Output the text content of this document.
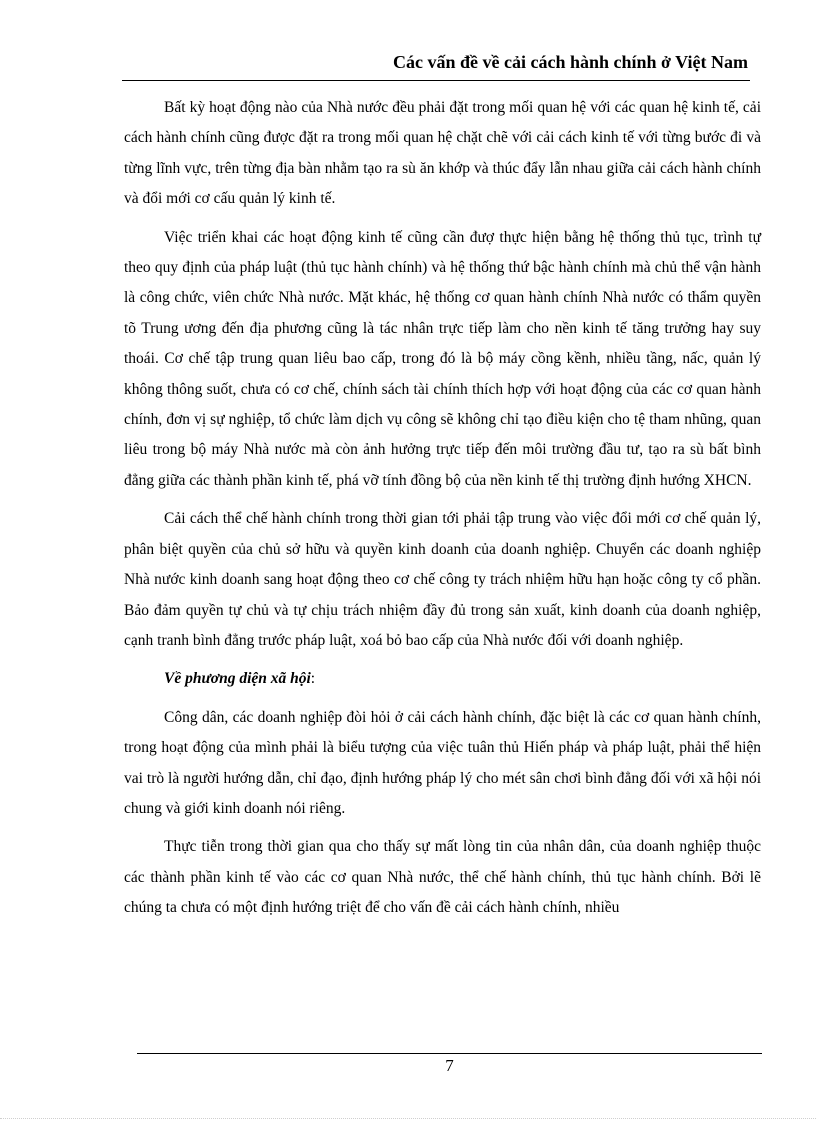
Các vấn đề về cải cách hành chính ở Việt Nam

Bất kỳ hoạt động nào của Nhà nước đều phải đặt trong mối quan hệ với các quan hệ kinh tế, cải cách hành chính cũng được đặt ra trong mối quan hệ chặt chẽ với cải cách kinh tế với từng bước đi và từng lĩnh vực, trên từng địa bàn nhằm tạo ra sù ăn khớp và thúc đẩy lẫn nhau giữa cải cách hành chính và đổi mới cơ cấu quản lý kinh tế.

Việc triển khai các hoạt động kinh tế cũng cần đượ thực hiện bằng hệ thống thủ tục, trình tự theo quy định của pháp luật (thủ tục hành chính) và hệ thống thứ bậc hành chính mà chủ thể vận hành là công chức, viên chức Nhà nước. Mặt khác, hệ thống cơ quan hành chính Nhà nước có thẩm quyền tõ Trung ương đến địa phương cũng là tác nhân trực tiếp làm cho nền kinh tế tăng trưởng hay suy thoái. Cơ chế tập trung quan liêu bao cấp, trong đó là bộ máy cồng kềnh, nhiều tầng, nấc, quản lý không thông suốt, chưa có cơ chế, chính sách tài chính thích hợp với hoạt động của các cơ quan hành chính, đơn vị sự nghiệp, tổ chức làm dịch vụ công sẽ không chỉ tạo điều kiện cho tệ tham nhũng, quan liêu trong bộ máy Nhà nước mà còn ảnh hưởng trực tiếp đến môi trường đầu tư, tạo ra sù bất bình đẳng giữa các thành phần kinh tế, phá vỡ tính đồng bộ của nền kinh tế thị trường định hướng XHCN.

Cải cách thể chế hành chính trong thời gian tới phải tập trung vào việc đổi mới cơ chế quản lý, phân biệt quyền của chủ sở hữu và quyền kinh doanh của doanh nghiệp. Chuyển các doanh nghiệp Nhà nước kinh doanh sang hoạt động theo cơ chế công ty trách nhiệm hữu hạn hoặc công ty cổ phần. Bảo đảm quyền tự chủ và tự chịu trách nhiệm đầy đủ trong sản xuất, kinh doanh của doanh nghiệp, cạnh tranh bình đẳng trước pháp luật, xoá bỏ bao cấp của Nhà nước đối với doanh nghiệp.

Về phương diện xã hội:

Công dân, các doanh nghiệp đòi hỏi ở cải cách hành chính, đặc biệt là các cơ quan hành chính, trong hoạt động của mình phải là biểu tượng của việc tuân thủ Hiến pháp và pháp luật, phải thể hiện vai trò là người hướng dẫn, chỉ đạo, định hướng pháp lý cho mét sân chơi bình đẳng đối với xã hội nói chung và giới kinh doanh nói riêng.

Thực tiễn trong thời gian qua cho thấy sự mất lòng tin của nhân dân, của doanh nghiệp thuộc các thành phần kinh tế vào các cơ quan Nhà nước, thể chế hành chính, thủ tục hành chính. Bởi lẽ chúng ta chưa có một định hướng triệt để cho vấn đề cải cách hành chính, nhiều

7
